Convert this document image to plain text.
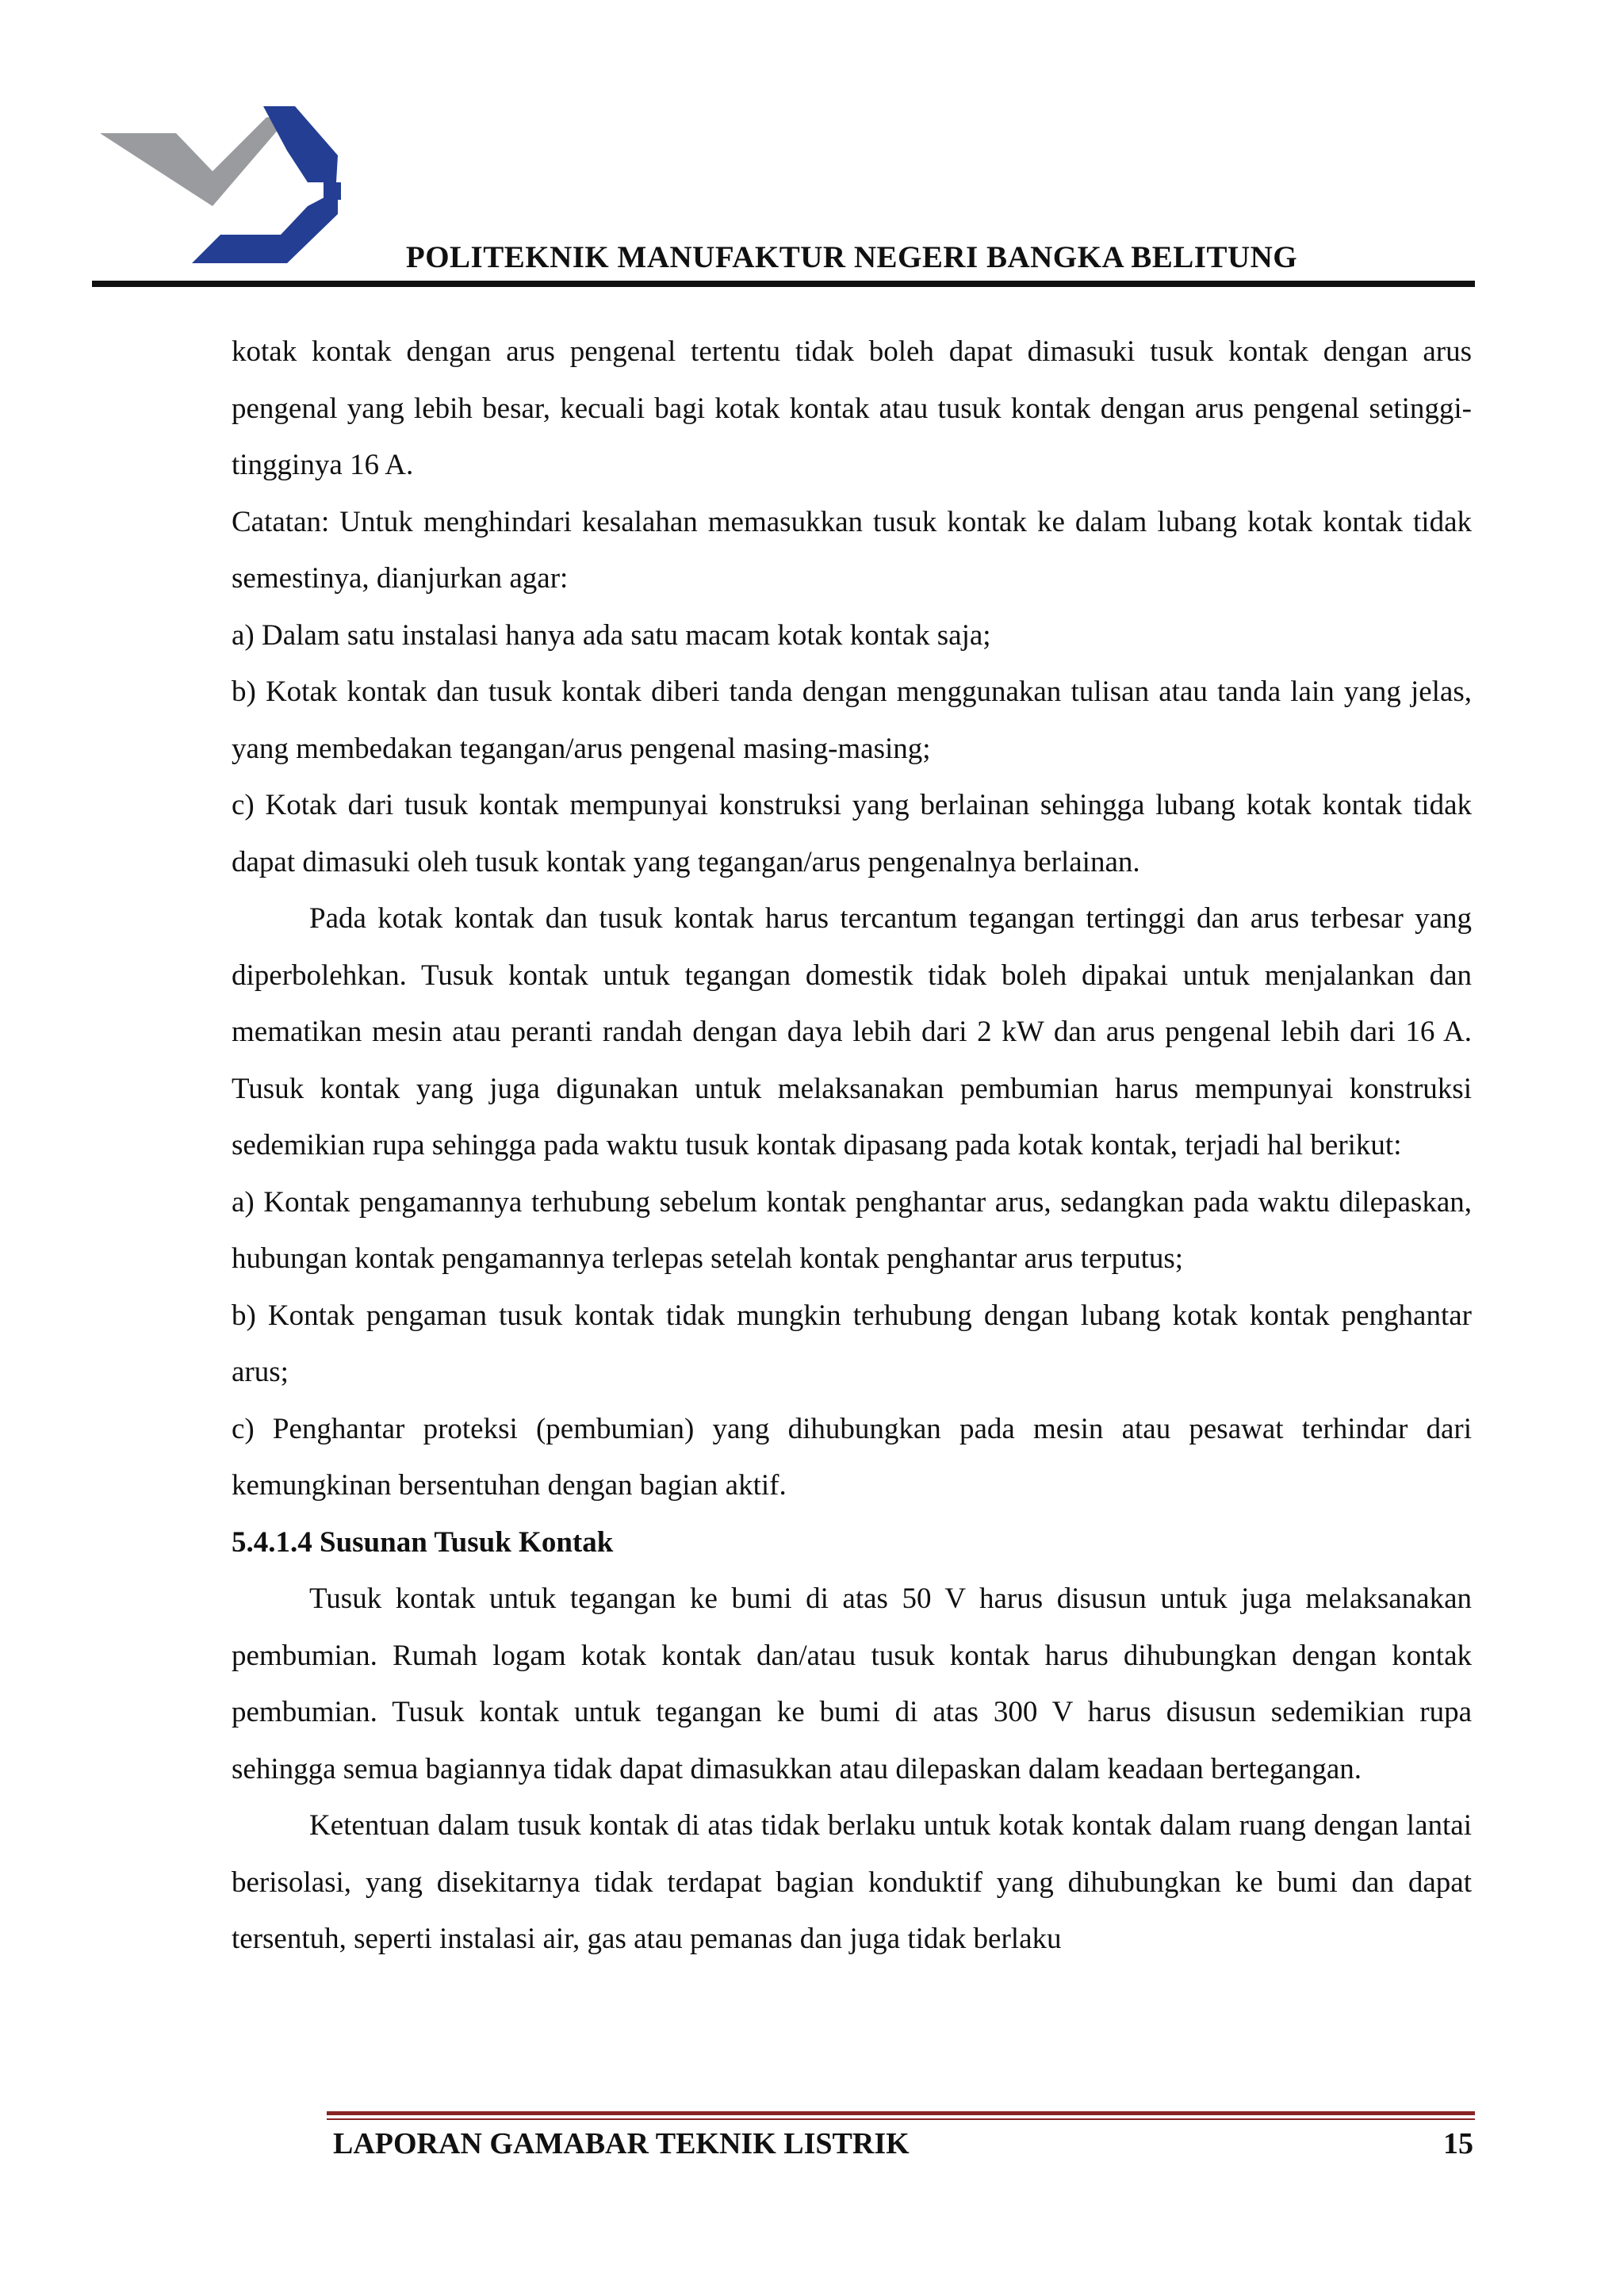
POLITEKNIK MANUFAKTUR NEGERI BANGKA BELITUNG

kotak kontak dengan arus pengenal tertentu tidak boleh dapat dimasuki tusuk kontak dengan arus pengenal yang lebih besar, kecuali bagi kotak kontak atau tusuk kontak dengan arus pengenal setinggi-tingginya 16 A.

Catatan: Untuk menghindari kesalahan memasukkan tusuk kontak ke dalam lubang kotak kontak tidak semestinya, dianjurkan agar:

a) Dalam satu instalasi hanya ada satu macam kotak kontak saja;

b) Kotak kontak dan tusuk kontak diberi tanda dengan menggunakan tulisan atau tanda lain yang jelas, yang membedakan tegangan/arus pengenal masing-masing;

c) Kotak dari tusuk kontak mempunyai konstruksi yang berlainan sehingga lubang kotak kontak tidak dapat dimasuki oleh tusuk kontak yang tegangan/arus pengenalnya berlainan.

Pada kotak kontak dan tusuk kontak harus tercantum tegangan tertinggi dan arus terbesar yang diperbolehkan. Tusuk kontak untuk tegangan domestik tidak boleh dipakai untuk menjalankan dan mematikan mesin atau peranti randah dengan daya lebih dari 2 kW dan arus pengenal lebih dari 16 A. Tusuk kontak yang juga digunakan untuk melaksanakan pembumian harus mempunyai konstruksi sedemikian rupa sehingga pada waktu tusuk kontak dipasang pada kotak kontak, terjadi hal berikut:

a) Kontak pengamannya terhubung sebelum kontak penghantar arus, sedangkan pada waktu dilepaskan, hubungan kontak pengamannya terlepas setelah kontak penghantar arus terputus;

b) Kontak pengaman tusuk kontak tidak mungkin terhubung dengan lubang kotak kontak penghantar arus;

c) Penghantar proteksi (pembumian) yang dihubungkan pada mesin atau pesawat terhindar dari kemungkinan bersentuhan dengan bagian aktif.

5.4.1.4 Susunan Tusuk Kontak

Tusuk kontak untuk tegangan ke bumi di atas 50 V harus disusun untuk juga melaksanakan pembumian. Rumah logam kotak kontak dan/atau tusuk kontak harus dihubungkan dengan kontak pembumian. Tusuk kontak untuk tegangan ke bumi di atas 300 V harus disusun sedemikian rupa sehingga semua bagiannya tidak dapat dimasukkan atau dilepaskan dalam keadaan bertegangan.

Ketentuan dalam tusuk kontak di atas tidak berlaku untuk kotak kontak dalam ruang dengan lantai berisolasi, yang disekitarnya tidak terdapat bagian konduktif yang dihubungkan ke bumi dan dapat tersentuh, seperti instalasi air, gas atau pemanas dan juga tidak berlaku

LAPORAN GAMABAR TEKNIK LISTRIK	15
